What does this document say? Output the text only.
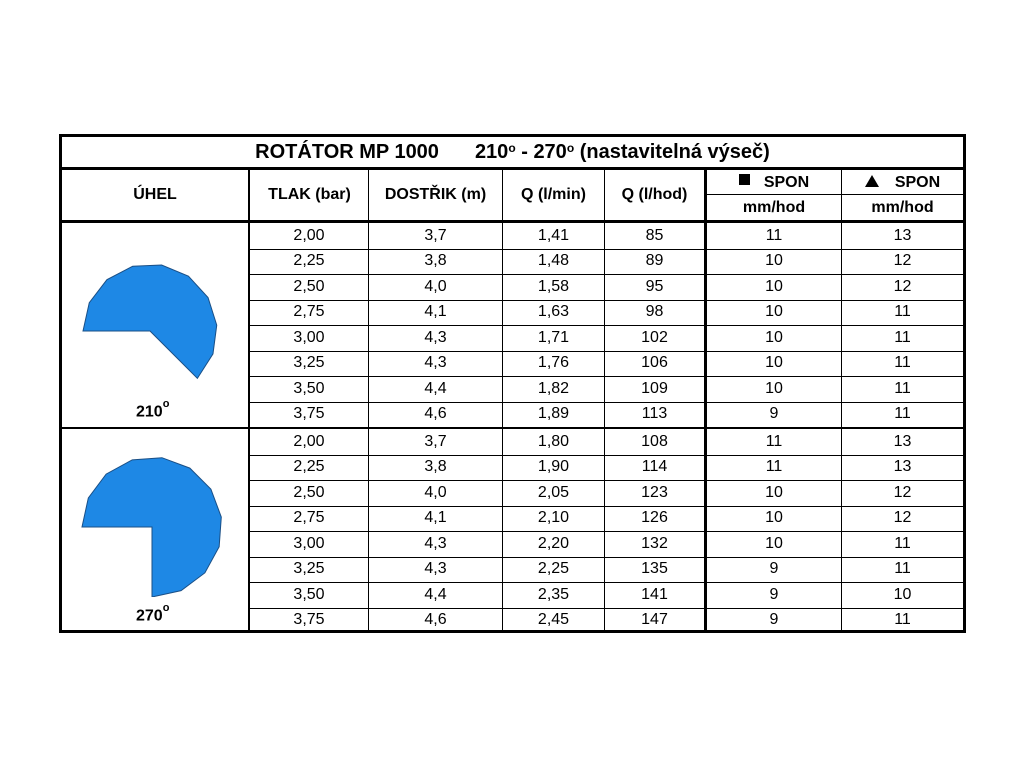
ROTÁTOR MP 1000 210$^o$ - 270$^o$ (nastavitelná výseč)
ÚHEL	TLAK (bar)	DOSTŘIK (m)	Q (l/min)	Q (l/hod)
SPON	SPON
mm/hod	mm/hod
210$^o$
2,00	3,7	1,41	85	11	13
2,25	3,8	1,48	89	10	12
2,50	4,0	1,58	95	10	12
2,75	4,1	1,63	98	10	11
3,00	4,3	1,71	102	10	11
3,25	4,3	1,76	106	10	11
3,50	4,4	1,82	109	10	11
3,75	4,6	1,89	113	9	11
270$^o$
2,00	3,7	1,80	108	11	13
2,25	3,8	1,90	114	11	13
2,50	4,0	2,05	123	10	12
2,75	4,1	2,10	126	10	12
3,00	4,3	2,20	132	10	11
3,25	4,3	2,25	135	9	11
3,50	4,4	2,35	141	9	10
3,75	4,6	2,45	147	9	11
